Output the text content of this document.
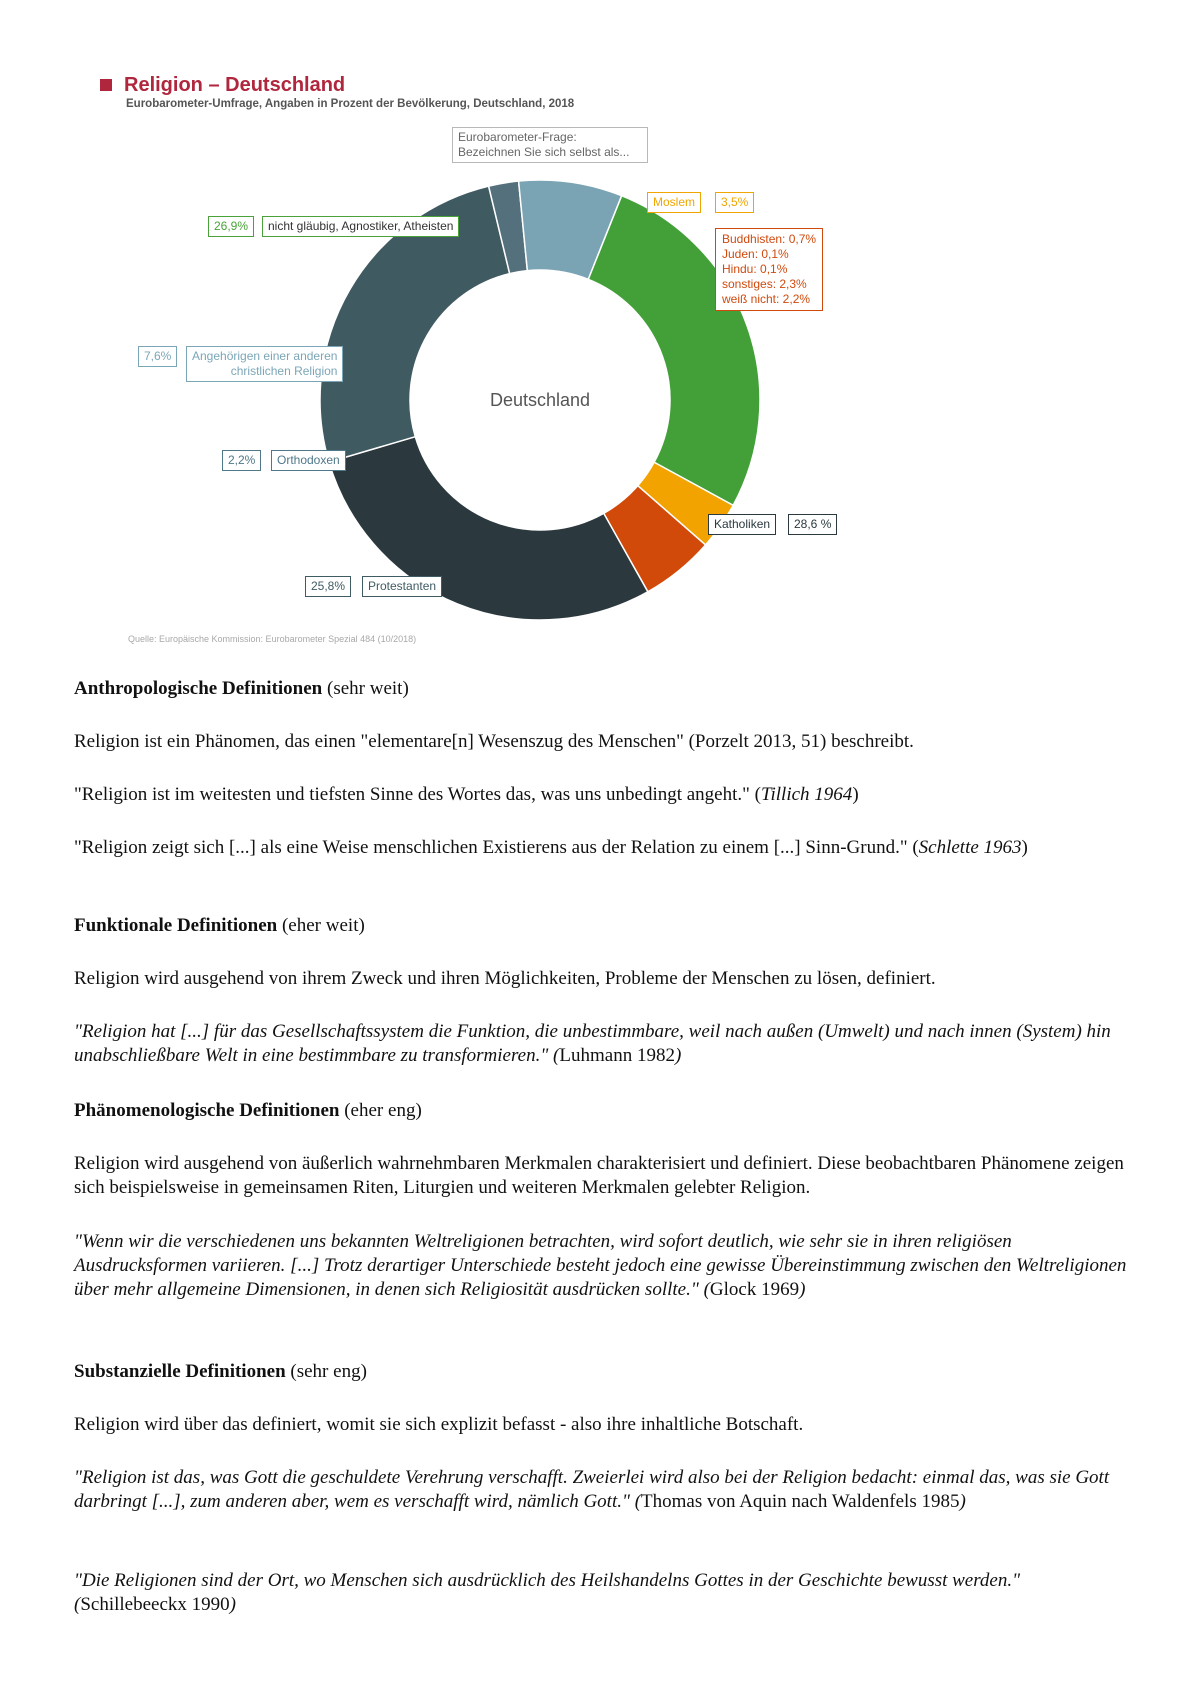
Religion – Deutschland
Eurobarometer-Umfrage, Angaben in Prozent der Bevölkerung, Deutschland, 2018
Eurobarometer-Frage:
Bezeichnen Sie sich selbst als...
26,9%	nicht gläubig, Agnostiker, Atheisten
Moslem	3,5%
Buddhisten: 0,7%
Juden: 0,1%
Hindu: 0,1%
sonstiges: 2,3%
weiß nicht: 2,2%
7,6%	Angehörigen einer anderen
christlichen Religion
2,2%	Orthodoxen
Katholiken	28,6 %
25,8%	Protestanten
Deutschland
Quelle: Europäische Kommission: Eurobarometer Spezial 484 (10/2018)

Anthropologische Definitionen (sehr weit)

Religion ist ein Phänomen, das einen "elementare[n] Wesenszug des Menschen" (Porzelt 2013, 51) beschreibt.

"Religion ist im weitesten und tiefsten Sinne des Wortes das, was uns unbedingt angeht." (Tillich 1964)

"Religion zeigt sich [...] als eine Weise menschlichen Existierens aus der Relation zu einem [...] Sinn-Grund." (Schlette 1963)

Funktionale Definitionen (eher weit)

Religion wird ausgehend von ihrem Zweck und ihren Möglichkeiten, Probleme der Menschen zu lösen, definiert.

"Religion hat [...] für das Gesellschaftssystem die Funktion, die unbestimmbare, weil nach außen (Umwelt) und nach innen (System) hin unabschließbare Welt in eine bestimmbare zu transformieren." (Luhmann 1982)

Phänomenologische Definitionen (eher eng)

Religion wird ausgehend von äußerlich wahrnehmbaren Merkmalen charakterisiert und definiert. Diese beobachtbaren Phänomene zeigen sich beispielsweise in gemeinsamen Riten, Liturgien und weiteren Merkmalen gelebter Religion.

"Wenn wir die verschiedenen uns bekannten Weltreligionen betrachten, wird sofort deutlich, wie sehr sie in ihren religiösen Ausdrucksformen variieren. [...] Trotz derartiger Unterschiede besteht jedoch eine gewisse Übereinstimmung zwischen den Weltreligionen über mehr allgemeine Dimensionen, in denen sich Religiosität ausdrücken sollte." (Glock 1969)

Substanzielle Definitionen (sehr eng)

Religion wird über das definiert, womit sie sich explizit befasst - also ihre inhaltliche Botschaft.

"Religion ist das, was Gott die geschuldete Verehrung verschafft. Zweierlei wird also bei der Religion bedacht: einmal das, was sie Gott darbringt [...], zum anderen aber, wem es verschafft wird, nämlich Gott." (Thomas von Aquin nach Waldenfels 1985)

"Die Religionen sind der Ort, wo Menschen sich ausdrücklich des Heilshandelns Gottes in der Geschichte bewusst werden." (Schillebeeckx 1990)
